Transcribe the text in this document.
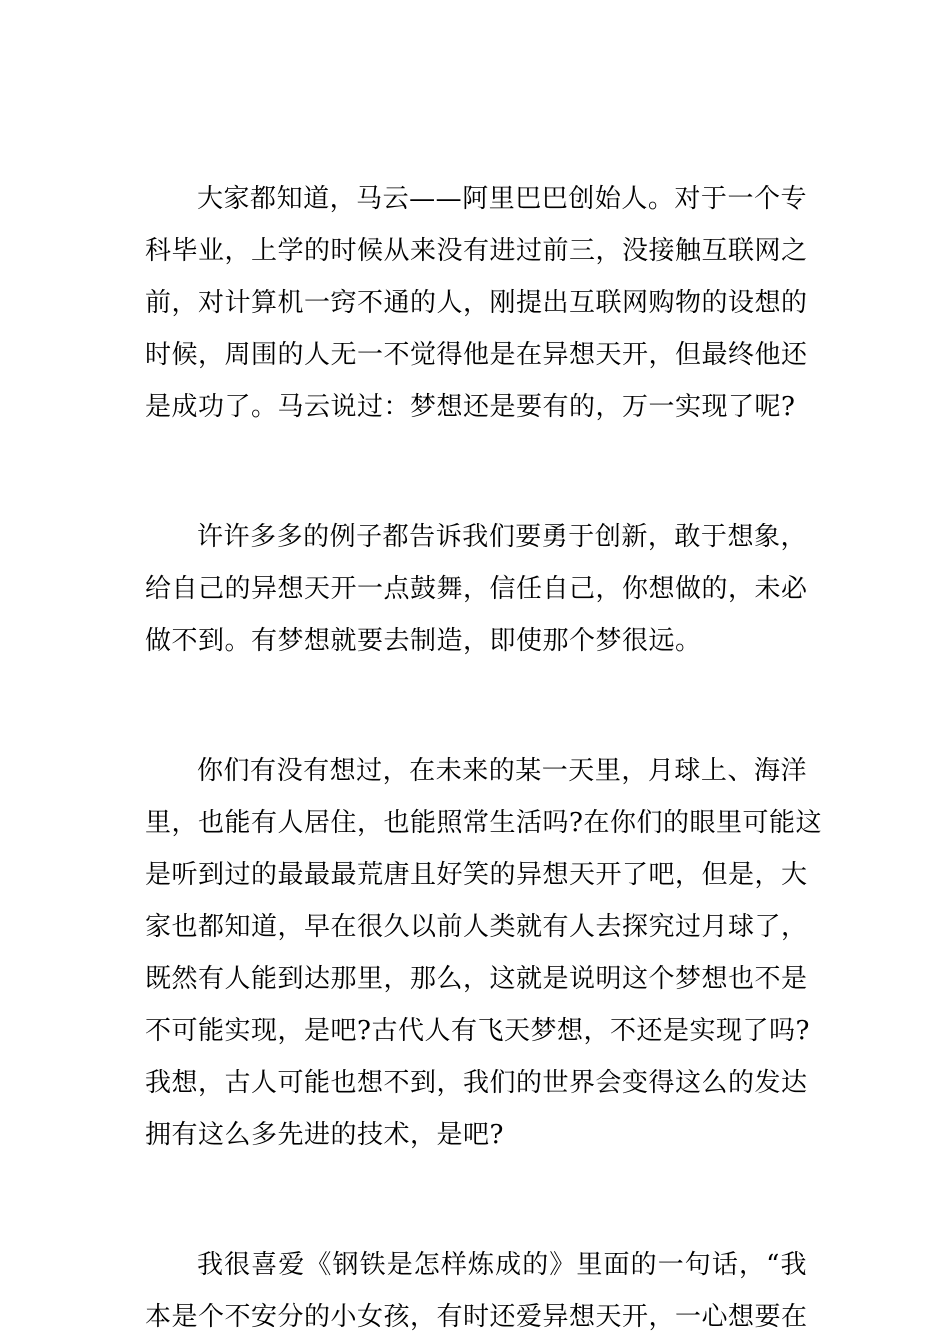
大家都知道，马云——阿里巴巴创始人。对于一个专
科毕业，上学的时候从来没有进过前三，没接触互联网之
前，对计算机一窍不通的人，刚提出互联网购物的设想的
时候，周围的人无一不觉得他是在异想天开，但最终他还
是成功了。马云说过：梦想还是要有的，万一实现了呢?
许许多多的例子都告诉我们要勇于创新，敢于想象，
给自己的异想天开一点鼓舞，信任自己，你想做的，未必
做不到。有梦想就要去制造，即使那个梦很远。
你们有没有想过，在未来的某一天里，月球上、海洋
里，也能有人居住，也能照常生活吗?在你们的眼里可能这
是听到过的最最最荒唐且好笑的异想天开了吧，但是，大
家也都知道，早在很久以前人类就有人去探究过月球了，
既然有人能到达那里，那么，这就是说明这个梦想也不是
不可能实现，是吧?古代人有飞天梦想，不还是实现了吗?
我想，古人可能也想不到，我们的世界会变得这么的发达
拥有这么多先进的技术，是吧?
我很喜爱《钢铁是怎样炼成的》里面的一句话，“我
本是个不安分的小女孩，有时还爱异想天开，一心想要在
